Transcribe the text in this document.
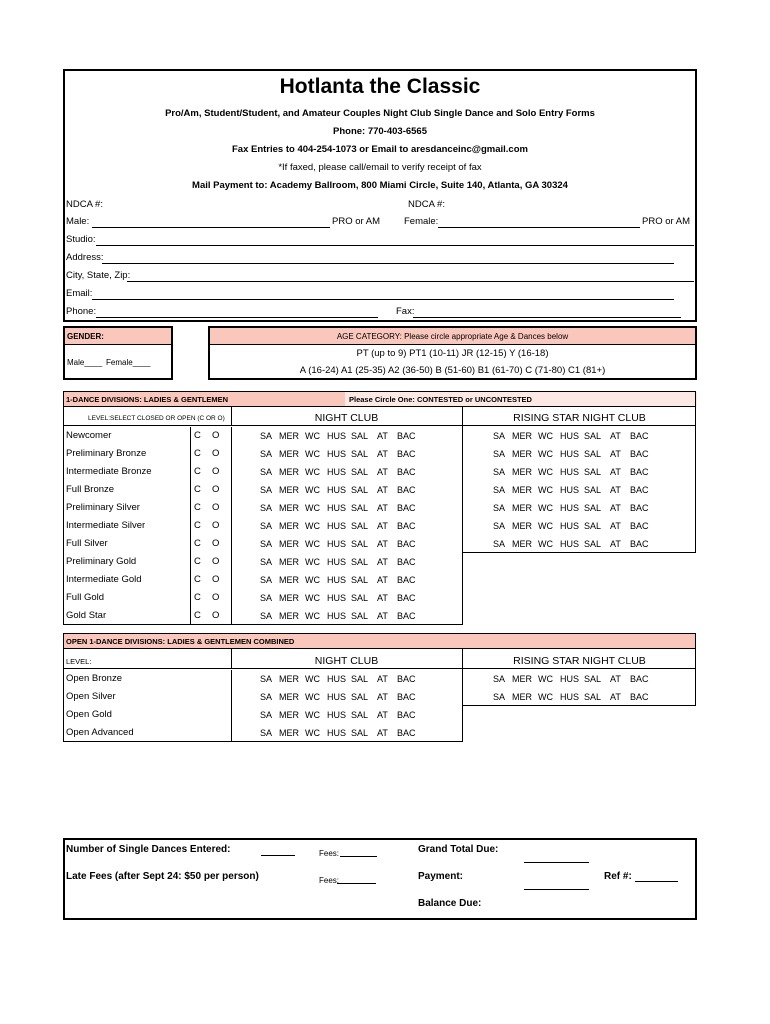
Hotlanta the Classic
Pro/Am, Student/Student, and Amateur Couples Night Club Single Dance and Solo Entry Forms
Phone: 770-403-6565
Fax Entries to 404-254-1073 or Email to aresdanceinc@gmail.com
*If faxed, please call/email to verify receipt of fax
Mail Payment to: Academy Ballroom, 800 Miami Circle, Suite 140, Atlanta, GA 30324
NDCA #:	NDCA #:
Male:	PRO or AM	Female:	PRO or AM
Studio:
Address:
City, State, Zip:
Email:
Phone:	Fax:
GENDER:
Male____ Female____
AGE CATEGORY: Please circle appropriate Age & Dances below
PT (up to 9) PT1 (10-11) JR (12-15) Y (16-18)
A (16-24) A1 (25-35) A2 (36-50) B (51-60) B1 (61-70) C (71-80) C1 (81+)
1-DANCE DIVISIONS: LADIES & GENTLEMEN	Please Circle One: CONTESTED or UNCONTESTED
LEVEL:SELECT CLOSED OR OPEN (C OR O)	NIGHT CLUB	RISING STAR NIGHT CLUB
Newcomer	C O	SA MER WC HUS SAL AT BAC	SA MER WC HUS SAL AT BAC
Preliminary Bronze	C O	SA MER WC HUS SAL AT BAC	SA MER WC HUS SAL AT BAC
Intermediate Bronze	C O	SA MER WC HUS SAL AT BAC	SA MER WC HUS SAL AT BAC
Full Bronze	C O	SA MER WC HUS SAL AT BAC	SA MER WC HUS SAL AT BAC
Preliminary Silver	C O	SA MER WC HUS SAL AT BAC	SA MER WC HUS SAL AT BAC
Intermediate Silver	C O	SA MER WC HUS SAL AT BAC	SA MER WC HUS SAL AT BAC
Full Silver	C O	SA MER WC HUS SAL AT BAC	SA MER WC HUS SAL AT BAC
Preliminary Gold	C O	SA MER WC HUS SAL AT BAC
Intermediate Gold	C O	SA MER WC HUS SAL AT BAC
Full Gold	C O	SA MER WC HUS SAL AT BAC
Gold Star	C O	SA MER WC HUS SAL AT BAC
OPEN 1-DANCE DIVISIONS: LADIES & GENTLEMEN COMBINED
LEVEL:	NIGHT CLUB	RISING STAR NIGHT CLUB
Open Bronze	SA MER WC HUS SAL AT BAC	SA MER WC HUS SAL AT BAC
Open Silver	SA MER WC HUS SAL AT BAC	SA MER WC HUS SAL AT BAC
Open Gold	SA MER WC HUS SAL AT BAC
Open Advanced	SA MER WC HUS SAL AT BAC
Number of Single Dances Entered:	Fees:	Grand Total Due:
Late Fees (after Sept 24: $50 per person)	Fees:	Payment:	Ref #:
Balance Due:
